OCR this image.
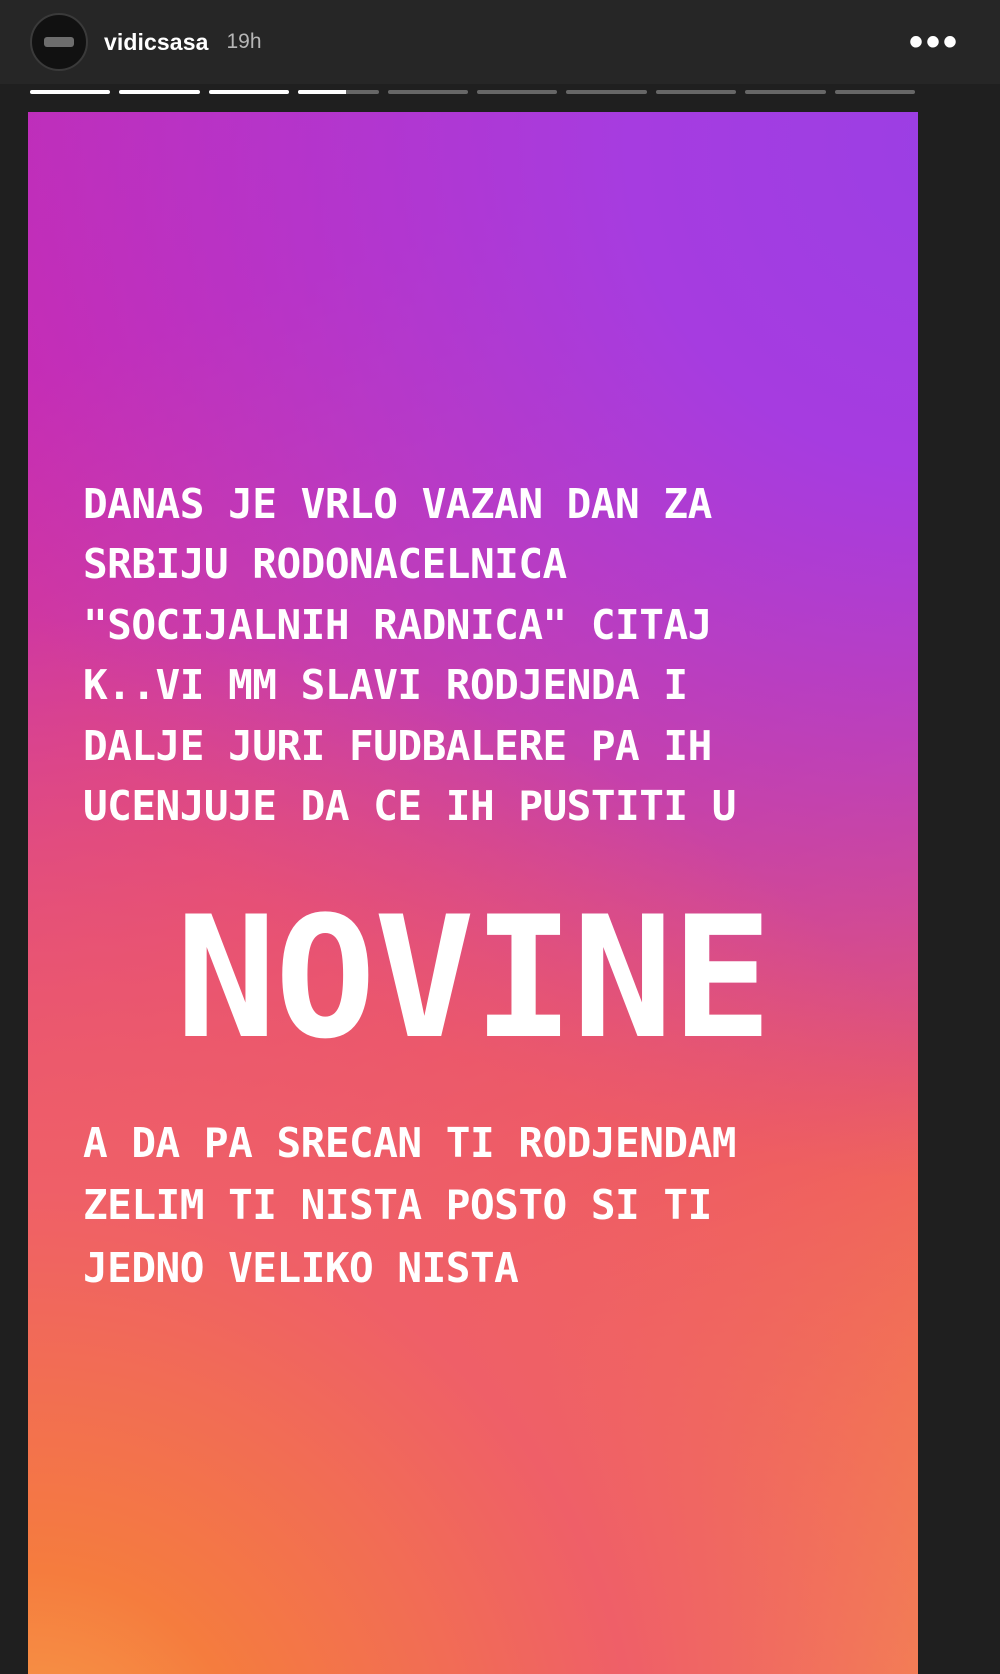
vidicsasa 19h	•••
DANAS JE VRLO VAZAN DAN ZA
SRBIJU RODONACELNICA
"SOCIJALNIH RADNICA" CITAJ
K..VI MM SLAVI RODJENDA I
DALJE JURI FUDBALERE PA IH
UCENJUJE DA CE IH PUSTITI U
NOVINE
A DA PA SRECAN TI RODJENDAM
ZELIM TI NISTA POSTO SI TI
JEDNO VELIKO NISTA
